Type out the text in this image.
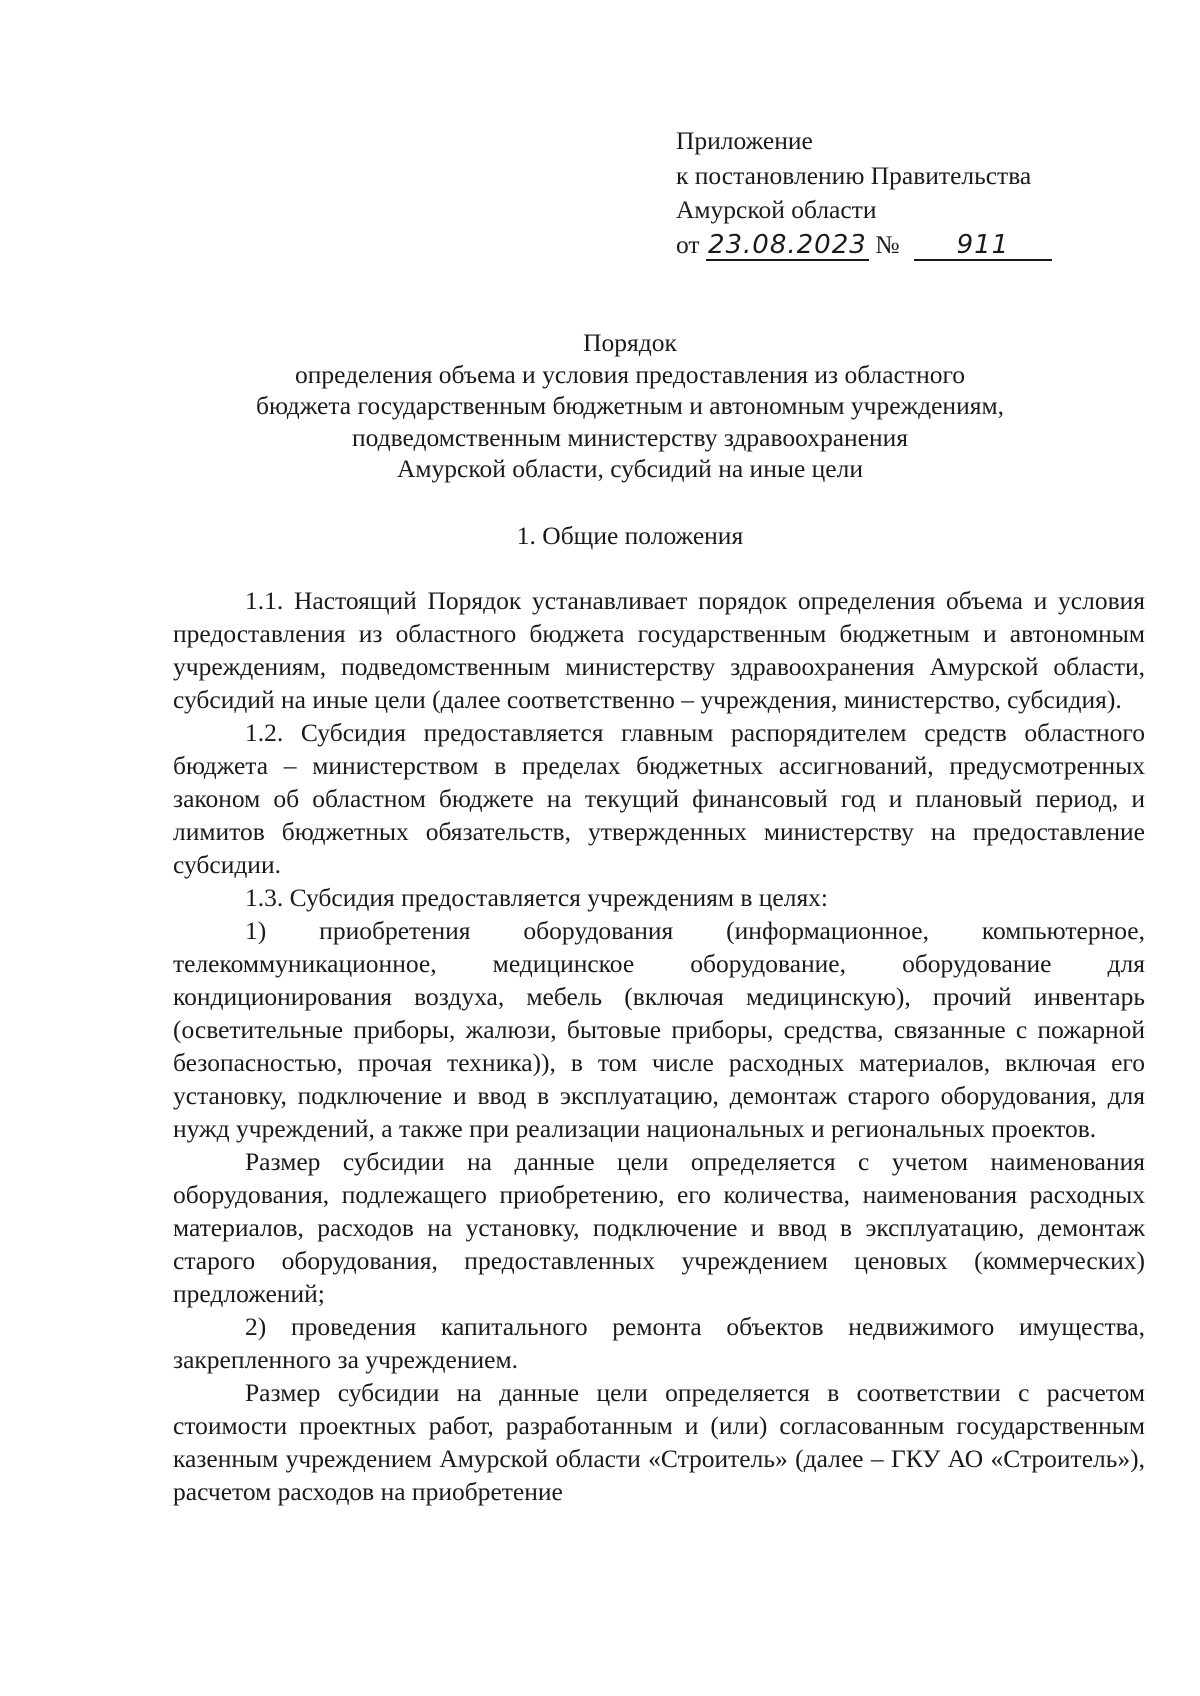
Приложение
к постановлению Правительства
Амурской области
от 23.08.2023 № 911
Порядок
определения объема и условия предоставления из областного
бюджета государственным бюджетным и автономным учреждениям,
подведомственным министерству здравоохранения
Амурской области, субсидий на иные цели
1. Общие положения

1.1. Настоящий Порядок устанавливает порядок определения объема и условия предоставления из областного бюджета государственным бюджетным и автономным учреждениям, подведомственным министерству здравоохранения Амурской области, субсидий на иные цели (далее соответственно – учреждения, министерство, субсидия).

1.2. Субсидия предоставляется главным распорядителем средств областного бюджета – министерством в пределах бюджетных ассигнований, предусмотренных законом об областном бюджете на текущий финансовый год и плановый период, и лимитов бюджетных обязательств, утвержденных министерству на предоставление субсидии.

1.3. Субсидия предоставляется учреждениям в целях:

1) приобретения оборудования (информационное, компьютерное, телекоммуникационное, медицинское оборудование, оборудование для кондиционирования воздуха, мебель (включая медицинскую), прочий инвентарь (осветительные приборы, жалюзи, бытовые приборы, средства, связанные с пожарной безопасностью, прочая техника)), в том числе расходных материалов, включая его установку, подключение и ввод в эксплуатацию, демонтаж старого оборудования, для нужд учреждений, а также при реализации национальных и региональных проектов.

Размер субсидии на данные цели определяется с учетом наименования оборудования, подлежащего приобретению, его количества, наименования расходных материалов, расходов на установку, подключение и ввод в эксплуатацию, демонтаж старого оборудования, предоставленных учреждением ценовых (коммерческих) предложений;

2) проведения капитального ремонта объектов недвижимого имущества, закрепленного за учреждением.

Размер субсидии на данные цели определяется в соответствии с расчетом стоимости проектных работ, разработанным и (или) согласованным государственным казенным учреждением Амурской области «Строитель» (далее – ГКУ АО «Строитель»), расчетом расходов на приобретение
